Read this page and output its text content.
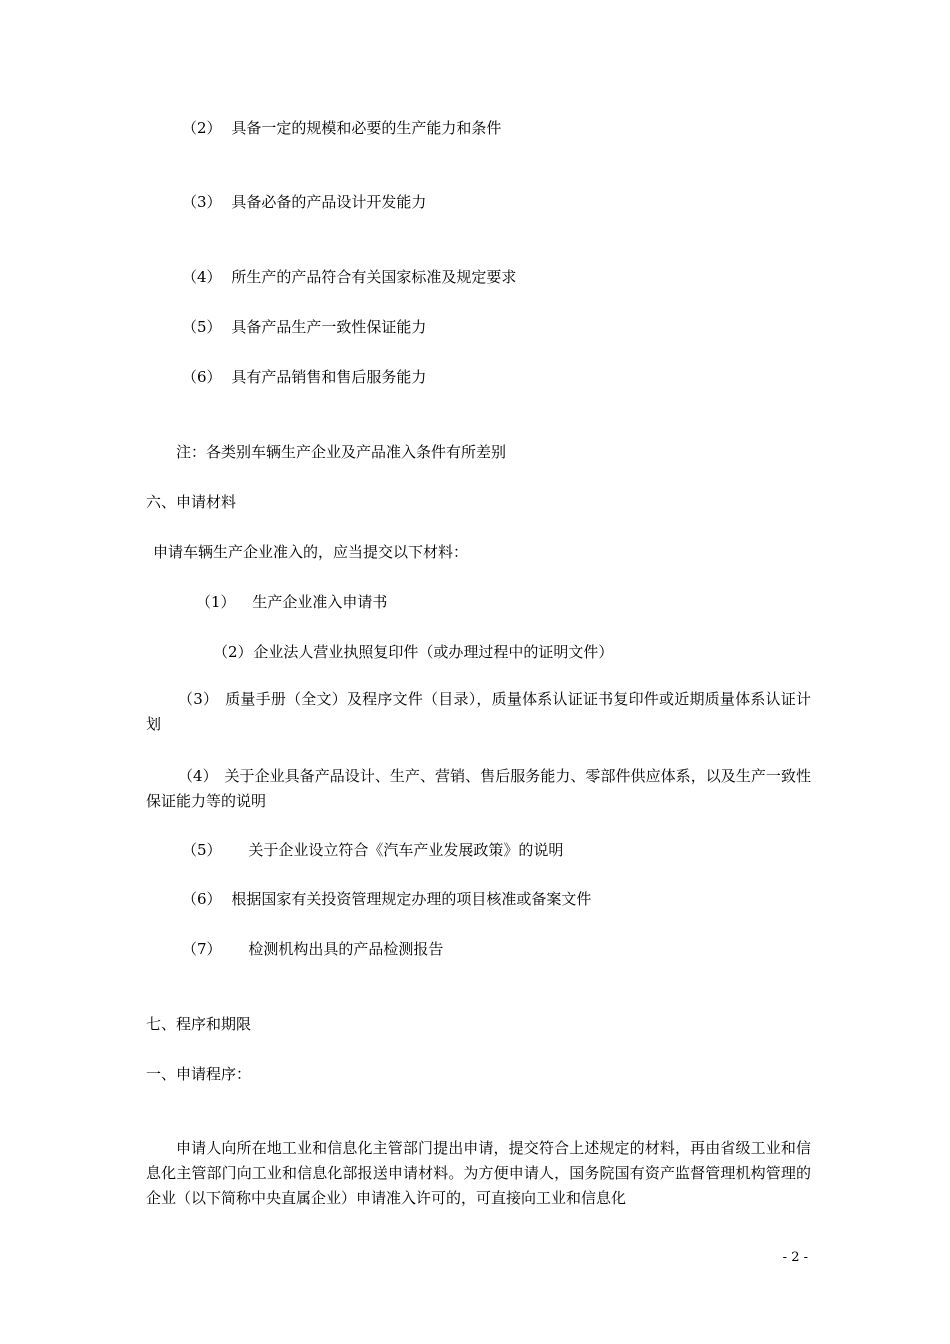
（2） 具备一定的规模和必要的生产能力和条件
（3） 具备必备的产品设计开发能力
（4） 所生产的产品符合有关国家标准及规定要求
（5） 具备产品生产一致性保证能力
（6） 具有产品销售和售后服务能力
注：各类别车辆生产企业及产品准入条件有所差别
六、申请材料
申请车辆生产企业准入的，应当提交以下材料：
（1） 生产企业准入申请书
（2） 企业法人营业执照复印件（或办理过程中的证明文件）
（3） 质量手册（全文）及程序文件（目录），质量体系认证证书复印件或近期质量体系认证计划
（4） 关于企业具备产品设计、生产、营销、售后服务能力、零部件供应体系，以及生产一致性保证能力等的说明
（5） 关于企业设立符合《汽车产业发展政策》的说明
（6） 根据国家有关投资管理规定办理的项目核准或备案文件
（7） 检测机构出具的产品检测报告
七、程序和期限
一、申请程序：
申请人向所在地工业和信息化主管部门提出申请，提交符合上述规定的材料，再由省级工业和信息化主管部门向工业和信息化部报送申请材料。为方便申请人，国务院国有资产监督管理机构管理的企业（以下简称中央直属企业）申请准入许可的，可直接向工业和信息化
- 2 -
